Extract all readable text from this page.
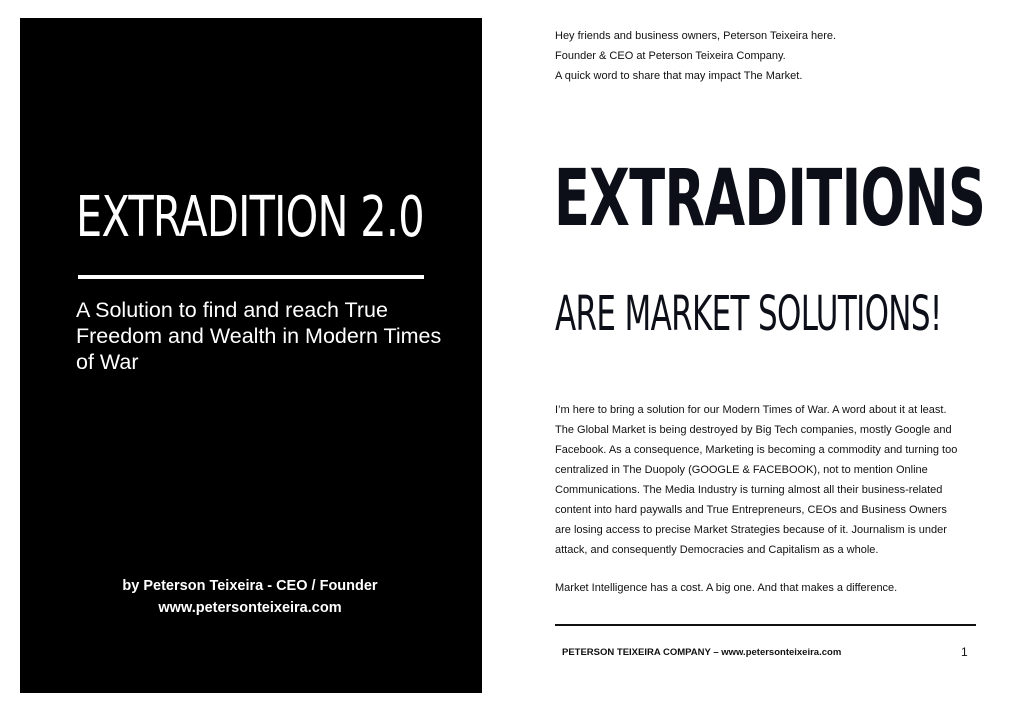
EXTRADITION 2.0
A Solution to find and reach True Freedom and Wealth in Modern Times of War
by Peterson Teixeira - CEO / Founder
www.petersonteixeira.com
Hey friends and business owners, Peterson Teixeira here.
Founder & CEO at Peterson Teixeira Company.
A quick word to share that may impact The Market.
EXTRADITIONS
ARE MARKET SOLUTIONS!
I’m here to bring a solution for our Modern Times of War. A word about it at least.
The Global Market is being destroyed by Big Tech companies, mostly Google and
Facebook. As a consequence, Marketing is becoming a commodity and turning too
centralized in The Duopoly (GOOGLE & FACEBOOK), not to mention Online
Communications. The Media Industry is turning almost all their business-related
content into hard paywalls and True Entrepreneurs, CEOs and Business Owners
are losing access to precise Market Strategies because of it. Journalism is under
attack, and consequently Democracies and Capitalism as a whole.
Market Intelligence has a cost. A big one. And that makes a difference.
PETERSON TEIXEIRA COMPANY – www.petersonteixeira.com	1
